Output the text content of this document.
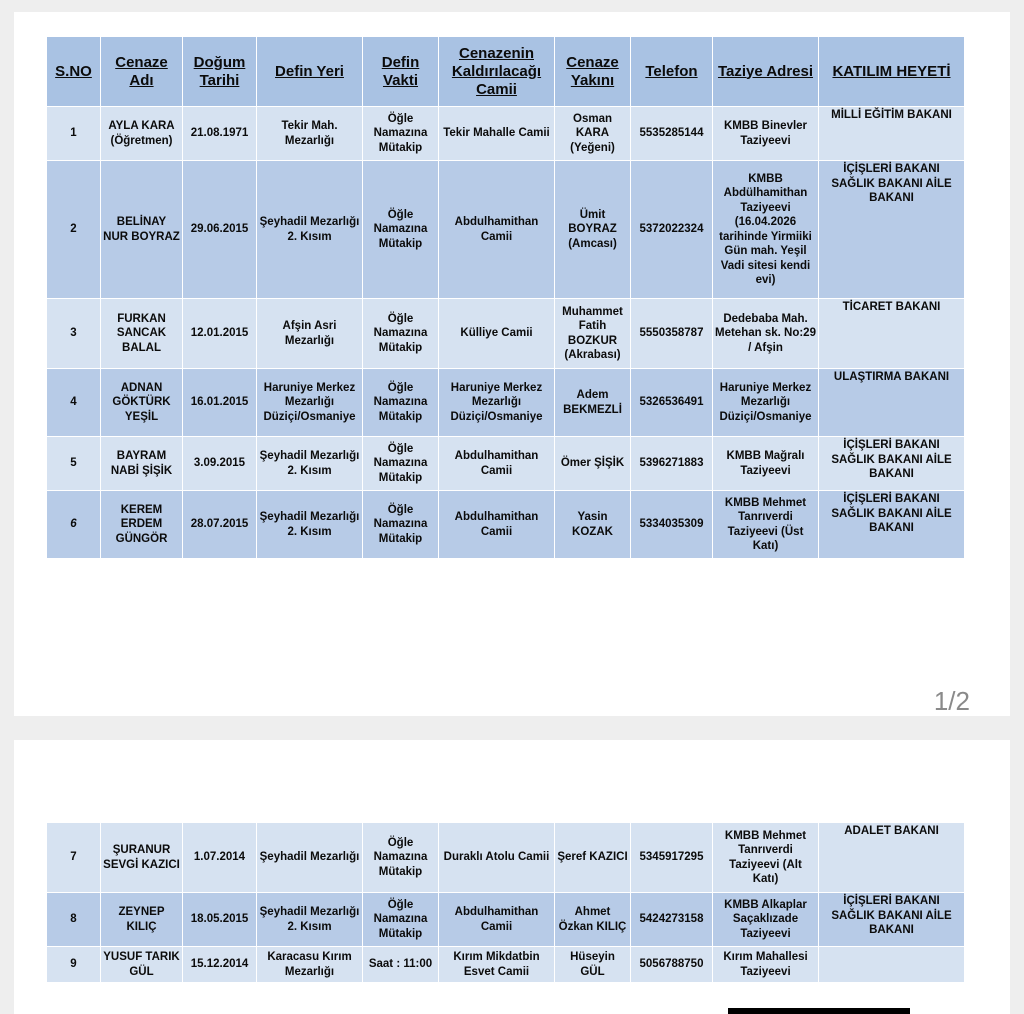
S.NO	Cenaze Adı	Doğum Tarihi	Defin Yeri	Defin Vakti	Cenazenin Kaldırılacağı Camii	Cenaze Yakını	Telefon	Taziye Adresi	KATILIM HEYETİ
1	AYLA KARA (Öğretmen)	21.08.1971	Tekir Mah. Mezarlığı	Öğle Namazına Mütakip	Tekir Mahalle Camii	Osman KARA (Yeğeni)	5535285144	KMBB Binevler Taziyeevi	MİLLİ EĞİTİM BAKANI
2	BELİNAY NUR BOYRAZ	29.06.2015	Şeyhadil Mezarlığı 2. Kısım	Öğle Namazına Mütakip	Abdulhamithan Camii	Ümit BOYRAZ (Amcası)	5372022324	KMBB Abdülhamithan Taziyeevi (16.04.2026 tarihinde Yirmiiki Gün mah. Yeşil Vadi sitesi kendi evi)	İÇİŞLERİ BAKANI SAĞLIK BAKANI AİLE BAKANI
3	FURKAN SANCAK BALAL	12.01.2015	Afşin Asri Mezarlığı	Öğle Namazına Mütakip	Külliye Camii	Muhammet Fatih BOZKUR (Akrabası)	5550358787	Dedebaba Mah. Metehan sk. No:29 / Afşin	TİCARET BAKANI
4	ADNAN GÖKTÜRK YEŞİL	16.01.2015	Haruniye Merkez Mezarlığı Düziçi/Osmaniye	Öğle Namazına Mütakip	Haruniye Merkez Mezarlığı Düziçi/Osmaniye	Adem BEKMEZLİ	5326536491	Haruniye Merkez Mezarlığı Düziçi/Osmaniye	ULAŞTIRMA BAKANI
5	BAYRAM NABİ ŞİŞİK	3.09.2015	Şeyhadil Mezarlığı 2. Kısım	Öğle Namazına Mütakip	Abdulhamithan Camii	Ömer ŞİŞİK	5396271883	KMBB Mağralı Taziyeevi	İÇİŞLERİ BAKANI SAĞLIK BAKANI AİLE BAKANI
6	KEREM ERDEM GÜNGÖR	28.07.2015	Şeyhadil Mezarlığı 2. Kısım	Öğle Namazına Mütakip	Abdulhamithan Camii	Yasin KOZAK	5334035309	KMBB Mehmet Tanrıverdi Taziyeevi (Üst Katı)	İÇİŞLERİ BAKANI SAĞLIK BAKANI AİLE BAKANI
1/2
7	ŞURANUR SEVGİ KAZICI	1.07.2014	Şeyhadil Mezarlığı	Öğle Namazına Mütakip	Duraklı Atolu Camii	Şeref KAZICI	5345917295	KMBB Mehmet Tanrıverdi Taziyeevi (Alt Katı)	ADALET BAKANI
8	ZEYNEP KILIÇ	18.05.2015	Şeyhadil Mezarlığı 2. Kısım	Öğle Namazına Mütakip	Abdulhamithan Camii	Ahmet Özkan KILIÇ	5424273158	KMBB Alkaplar Saçaklızade Taziyeevi	İÇİŞLERİ BAKANI SAĞLIK BAKANI AİLE BAKANI
9	YUSUF TARIK GÜL	15.12.2014	Karacasu Kırım Mezarlığı	Saat : 11:00	Kırım Mikdatbin Esvet Camii	Hüseyin GÜL	5056788750	Kırım Mahallesi Taziyeevi	
